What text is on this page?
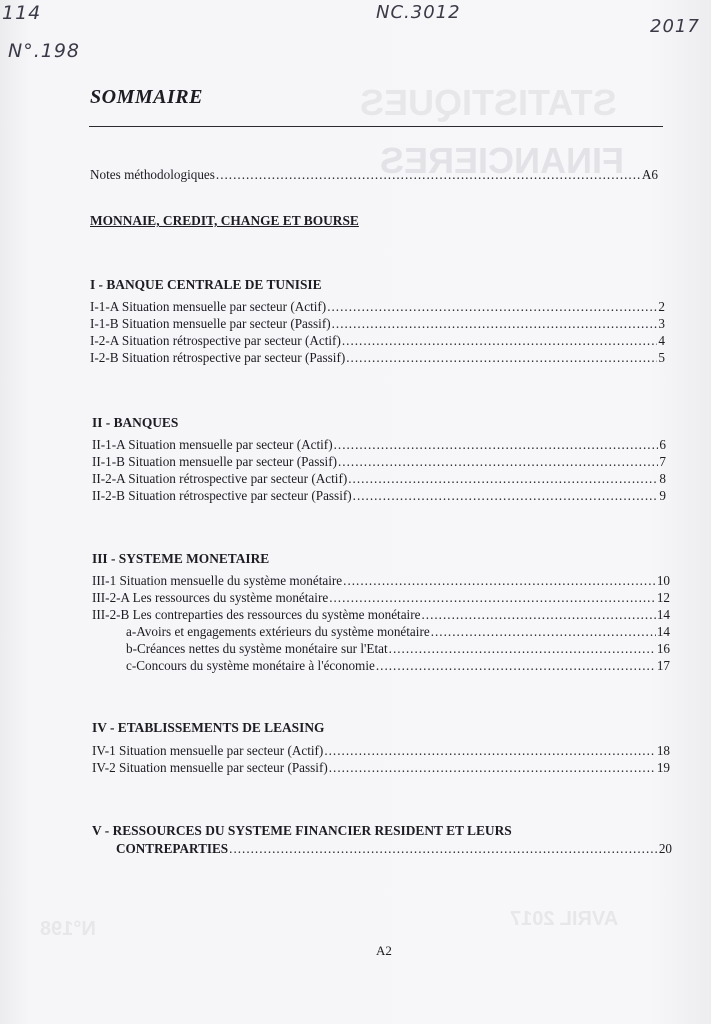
114
N°.198
NC.3012
2017
STATISTIQUES
FINANCIERES
AVRIL 2017
N°198
SOMMAIRE
Notes méthodologiques .....	A6
MONNAIE, CREDIT, CHANGE ET BOURSE
I - BANQUE CENTRALE DE TUNISIE
I-1-A Situation mensuelle par secteur (Actif) .....	2
I-1-B Situation mensuelle par secteur (Passif) .....	3
I-2-A Situation rétrospective par secteur (Actif) .....	4
I-2-B Situation rétrospective par secteur (Passif) .....	5
II - BANQUES
II-1-A Situation mensuelle par secteur (Actif) .....	6
II-1-B Situation mensuelle par secteur (Passif) .....	7
II-2-A Situation rétrospective par secteur (Actif) .....	8
II-2-B Situation rétrospective par secteur (Passif) .....	9
III - SYSTEME MONETAIRE
III-1 Situation mensuelle du système monétaire .....	10
III-2-A Les ressources du système monétaire .....	12
III-2-B Les contreparties des ressources du système monétaire .....	14
a-Avoirs et engagements extérieurs du système monétaire .....	14
b-Créances nettes du système monétaire sur l'Etat .....	16
c-Concours du système monétaire à l'économie .....	17
IV - ETABLISSEMENTS DE LEASING
IV-1 Situation mensuelle par secteur (Actif) .....	18
IV-2 Situation mensuelle par secteur (Passif) .....	19
V - RESSOURCES DU SYSTEME FINANCIER RESIDENT ET LEURS
CONTREPARTIES .....	20
A2
